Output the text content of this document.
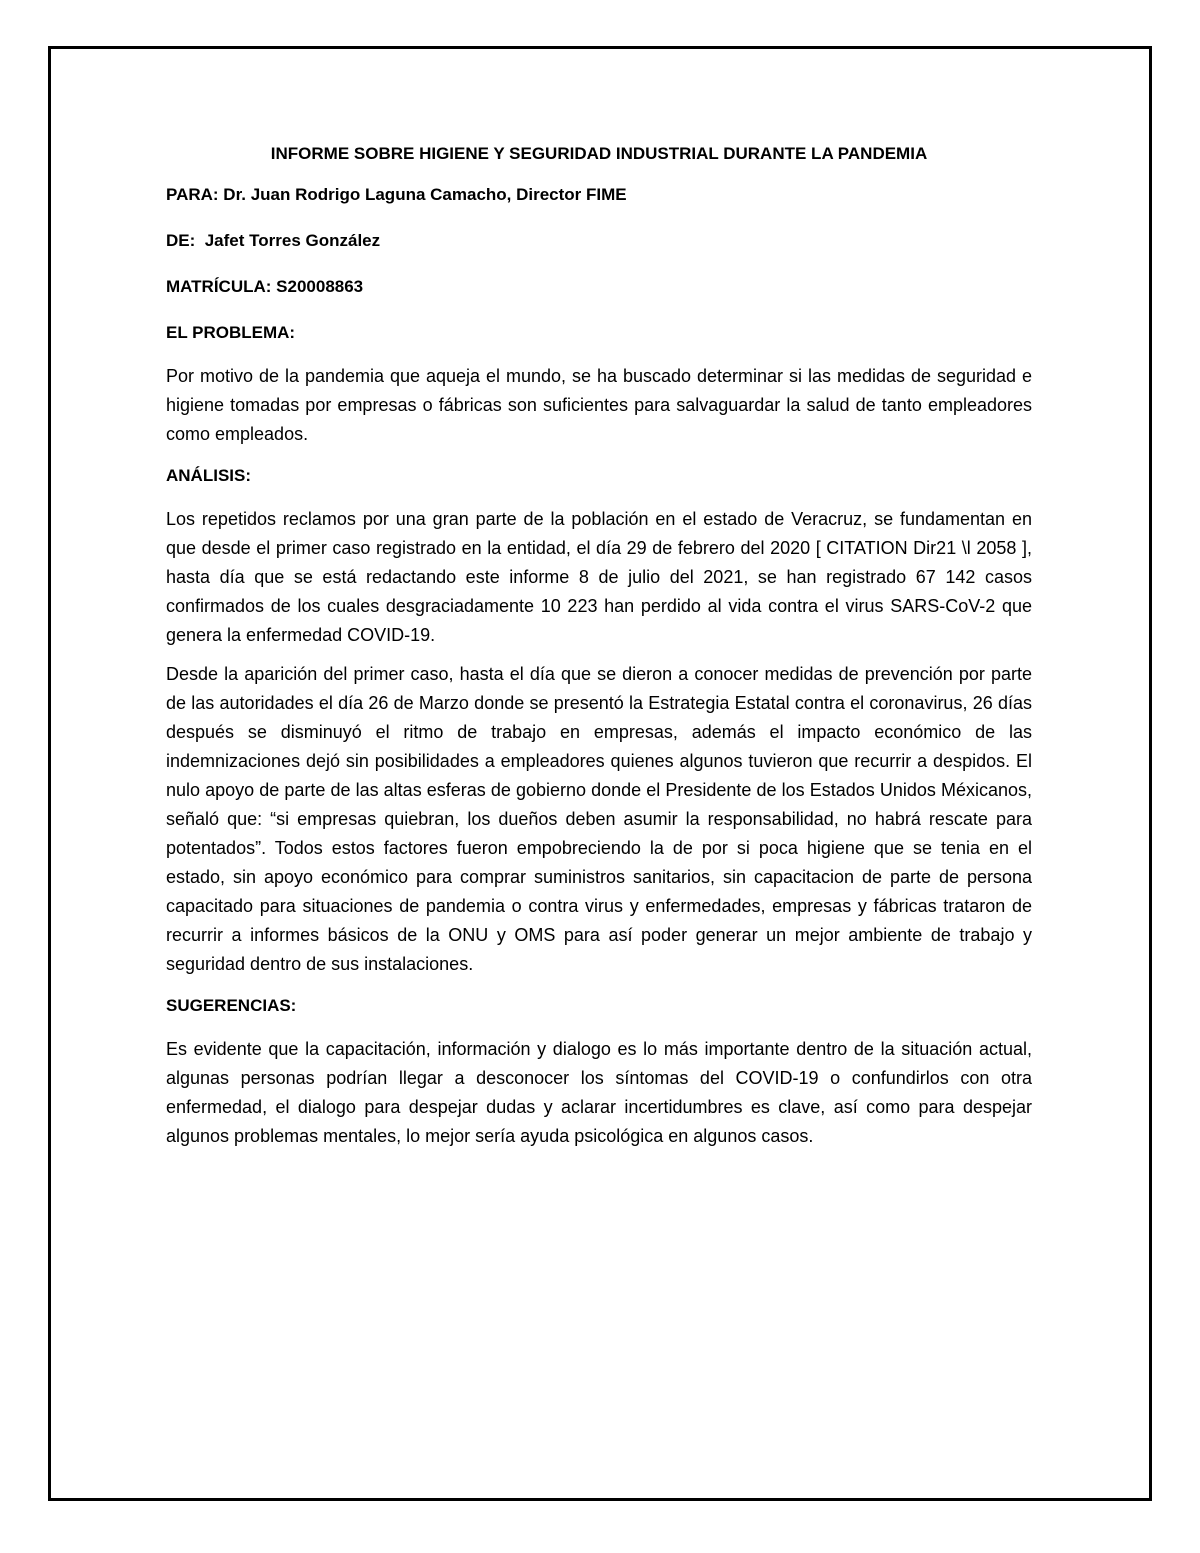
INFORME SOBRE HIGIENE Y SEGURIDAD INDUSTRIAL DURANTE LA PANDEMIA

PARA: Dr. Juan Rodrigo Laguna Camacho, Director FIME

DE:  Jafet Torres González

MATRÍCULA: S20008863

EL PROBLEMA:

Por motivo de la pandemia que aqueja el mundo, se ha buscado determinar si las medidas de seguridad e higiene tomadas por empresas o fábricas son suficientes para salvaguardar la salud de tanto empleadores como empleados.

ANÁLISIS:

Los repetidos reclamos por una gran parte de la población en el estado de Veracruz, se fundamentan en que desde el primer caso registrado en la entidad, el día 29 de febrero del 2020 [ CITATION Dir21 \l 2058 ], hasta día que se está redactando este informe 8 de julio del 2021, se han registrado 67 142 casos confirmados de los cuales desgraciadamente 10 223 han perdido al vida contra el virus SARS-CoV-2 que genera la enfermedad COVID-19.

Desde la aparición del primer caso, hasta el día que se dieron a conocer medidas de prevención por parte de las autoridades el día 26 de Marzo donde se presentó la Estrategia Estatal contra el coronavirus, 26 días después se disminuyó el ritmo de trabajo en empresas, además el impacto económico de las indemnizaciones dejó sin posibilidades a empleadores quienes algunos tuvieron que recurrir a despidos. El nulo apoyo de parte de las altas esferas de gobierno donde el Presidente de los Estados Unidos Méxicanos, señaló que: “si empresas quiebran, los dueños deben asumir la responsabilidad, no habrá rescate para potentados”. Todos estos factores fueron empobreciendo la de por si poca higiene que se tenia en el estado, sin apoyo económico para comprar suministros sanitarios, sin capacitacion de parte de persona capacitado para situaciones de pandemia o contra virus y enfermedades, empresas y fábricas trataron de recurrir a informes básicos de la ONU y OMS para así poder generar un mejor ambiente de trabajo y seguridad dentro de sus instalaciones.

SUGERENCIAS:

Es evidente que la capacitación, información y dialogo es lo más importante dentro de la situación actual, algunas personas podrían llegar a desconocer los síntomas del COVID-19 o confundirlos con otra enfermedad, el dialogo para despejar dudas y aclarar incertidumbres es clave, así como para despejar algunos problemas mentales, lo mejor sería ayuda psicológica en algunos casos.
